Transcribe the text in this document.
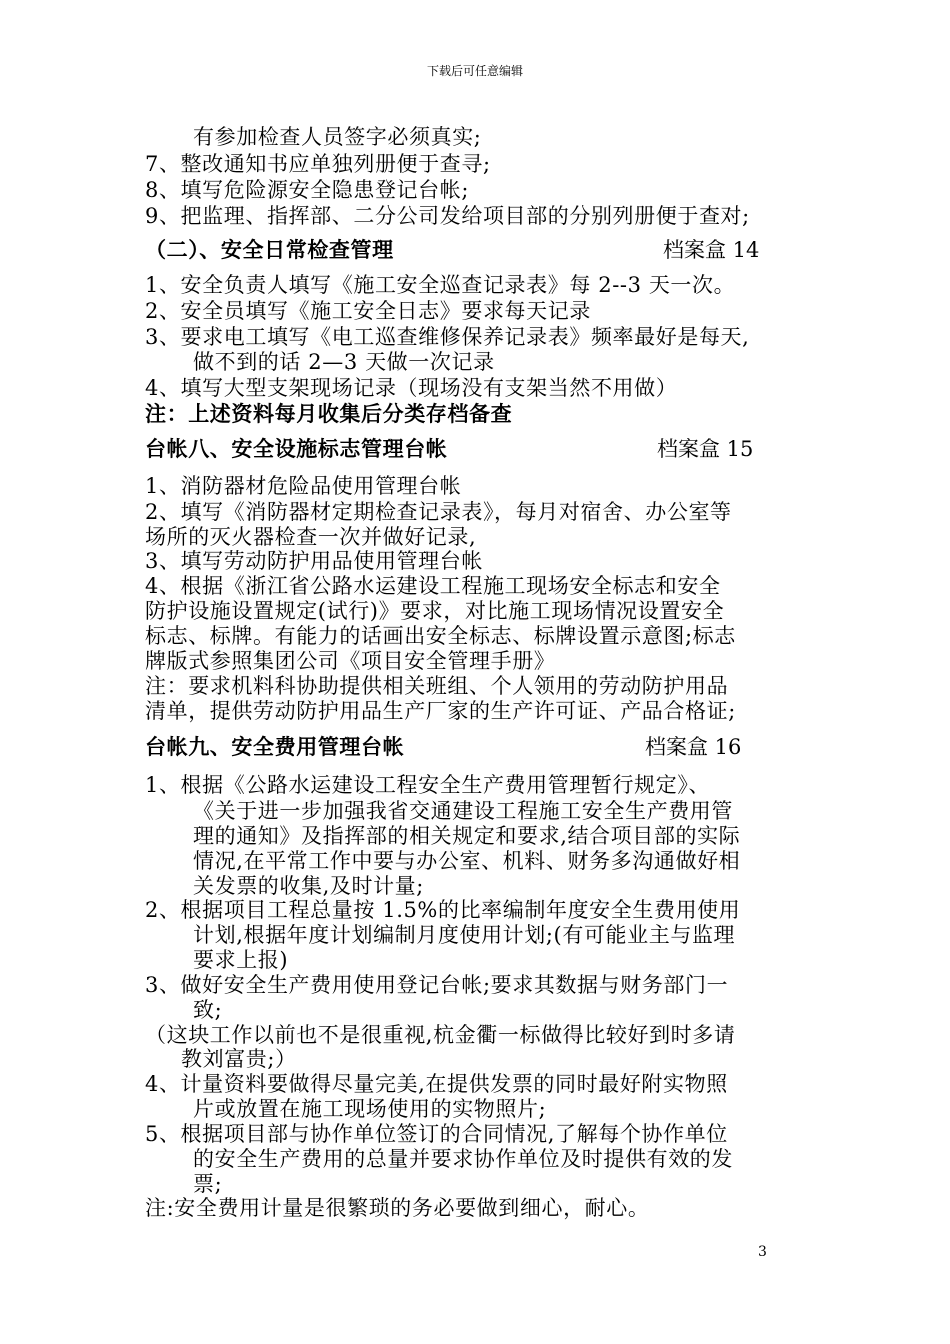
下载后可任意编辑
有参加检查人员签字必须真实;
7、整改通知书应单独列册便于查寻;
8、填写危险源安全隐患登记台帐;
9、把监理、指挥部、二分公司发给项目部的分别列册便于查对;
（二）、安全日常检查管理	档案盒 14
1、安全负责人填写《施工安全巡查记录表》每 2--3 天一次。
2、安全员填写《施工安全日志》要求每天记录
3、要求电工填写《电工巡查维修保养记录表》频率最好是每天,
做不到的话 2—3 天做一次记录
4、填写大型支架现场记录（现场没有支架当然不用做）
注：上述资料每月收集后分类存档备查
台帐八、安全设施标志管理台帐	档案盒 15
1、消防器材危险品使用管理台帐
2、填写《消防器材定期检查记录表》，每月对宿舍、办公室等
场所的灭火器检查一次并做好记录,
3、填写劳动防护用品使用管理台帐
4、根据《浙江省公路水运建设工程施工现场安全标志和安全
防护设施设置规定(试行)》要求，对比施工现场情况设置安全
标志、标牌。有能力的话画出安全标志、标牌设置示意图;标志
牌版式参照集团公司《项目安全管理手册》
注：要求机料科协助提供相关班组、个人领用的劳动防护用品
清单，提供劳动防护用品生产厂家的生产许可证、产品合格证;
台帐九、安全费用管理台帐	档案盒 16
1、根据《公路水运建设工程安全生产费用管理暂行规定》、
《关于进一步加强我省交通建设工程施工安全生产费用管
理的通知》及指挥部的相关规定和要求,结合项目部的实际
情况,在平常工作中要与办公室、机料、财务多沟通做好相
关发票的收集,及时计量;
2、根据项目工程总量按 1.5%的比率编制年度安全生费用使用
计划,根据年度计划编制月度使用计划;(有可能业主与监理
要求上报)
3、做好安全生产费用使用登记台帐;要求其数据与财务部门一
致;
（这块工作以前也不是很重视,杭金衢一标做得比较好到时多请
教刘富贵;）
4、计量资料要做得尽量完美,在提供发票的同时最好附实物照
片或放置在施工现场使用的实物照片;
5、根据项目部与协作单位签订的合同情况,了解每个协作单位
的安全生产费用的总量并要求协作单位及时提供有效的发
票;
注:安全费用计量是很繁琐的务必要做到细心，耐心。
3
